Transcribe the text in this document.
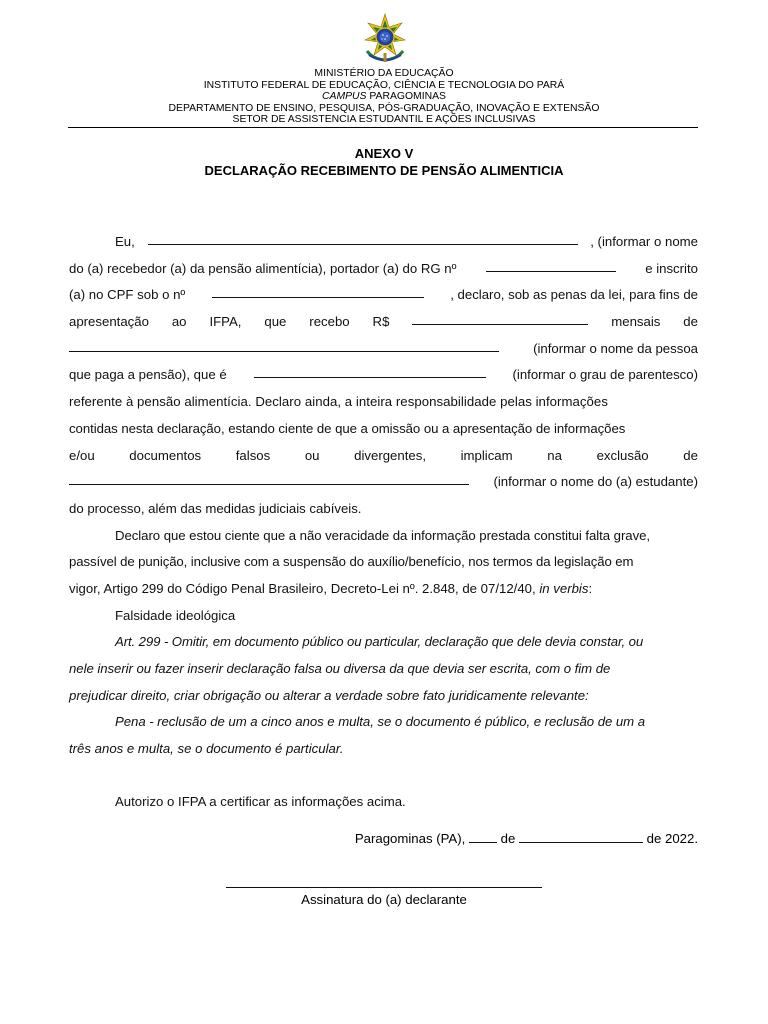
MINISTÉRIO DA EDUCAÇÃO
INSTITUTO FEDERAL DE EDUCAÇÃO, CIÊNCIA E TECNOLOGIA DO PARÁ
CAMPUS PARAGOMINAS
DEPARTAMENTO DE ENSINO, PESQUISA, PÓS-GRADUAÇÃO, INOVAÇÃO E EXTENSÃO
SETOR DE ASSISTENCIA ESTUDANTIL E AÇÕES INCLUSIVAS
ANEXO V
DECLARAÇÃO RECEBIMENTO DE PENSÃO ALIMENTICIA
Eu,	, (informar o nome
do (a) recebedor (a) da pensão alimentícia), portador (a) do RG nº	e inscrito
(a) no CPF sob o nº	, declaro, sob as penas da lei, para fins de
apresentação ao IFPA, que recebo R$	mensais de
(informar o nome da pessoa
que paga a pensão), que é	(informar o grau de parentesco)
referente à pensão alimentícia. Declaro ainda, a inteira responsabilidade pelas informações
contidas nesta declaração, estando ciente de que a omissão ou a apresentação de informações
e/ou	documentos	falsos	ou	divergentes,	implicam	na	exclusão	de
(informar o nome do (a) estudante)
do processo, além das medidas judiciais cabíveis.
Declaro que estou ciente que a não veracidade da informação prestada constitui falta grave,
passível de punição, inclusive com a suspensão do auxílio/benefício, nos termos da legislação em
vigor, Artigo 299 do Código Penal Brasileiro, Decreto-Lei nº. 2.848, de 07/12/40, in verbis:
Falsidade ideológica
Art. 299 - Omitir, em documento público ou particular, declaração que dele devia constar, ou
nele inserir ou fazer inserir declaração falsa ou diversa da que devia ser escrita, com o fim de
prejudicar direito, criar obrigação ou alterar a verdade sobre fato juridicamente relevante:
Pena - reclusão de um a cinco anos e multa, se o documento é público, e reclusão de um a
três anos e multa, se o documento é particular.
Autorizo o IFPA a certificar as informações acima.
Paragominas (PA),	de	de 2022.
Assinatura do (a) declarante
